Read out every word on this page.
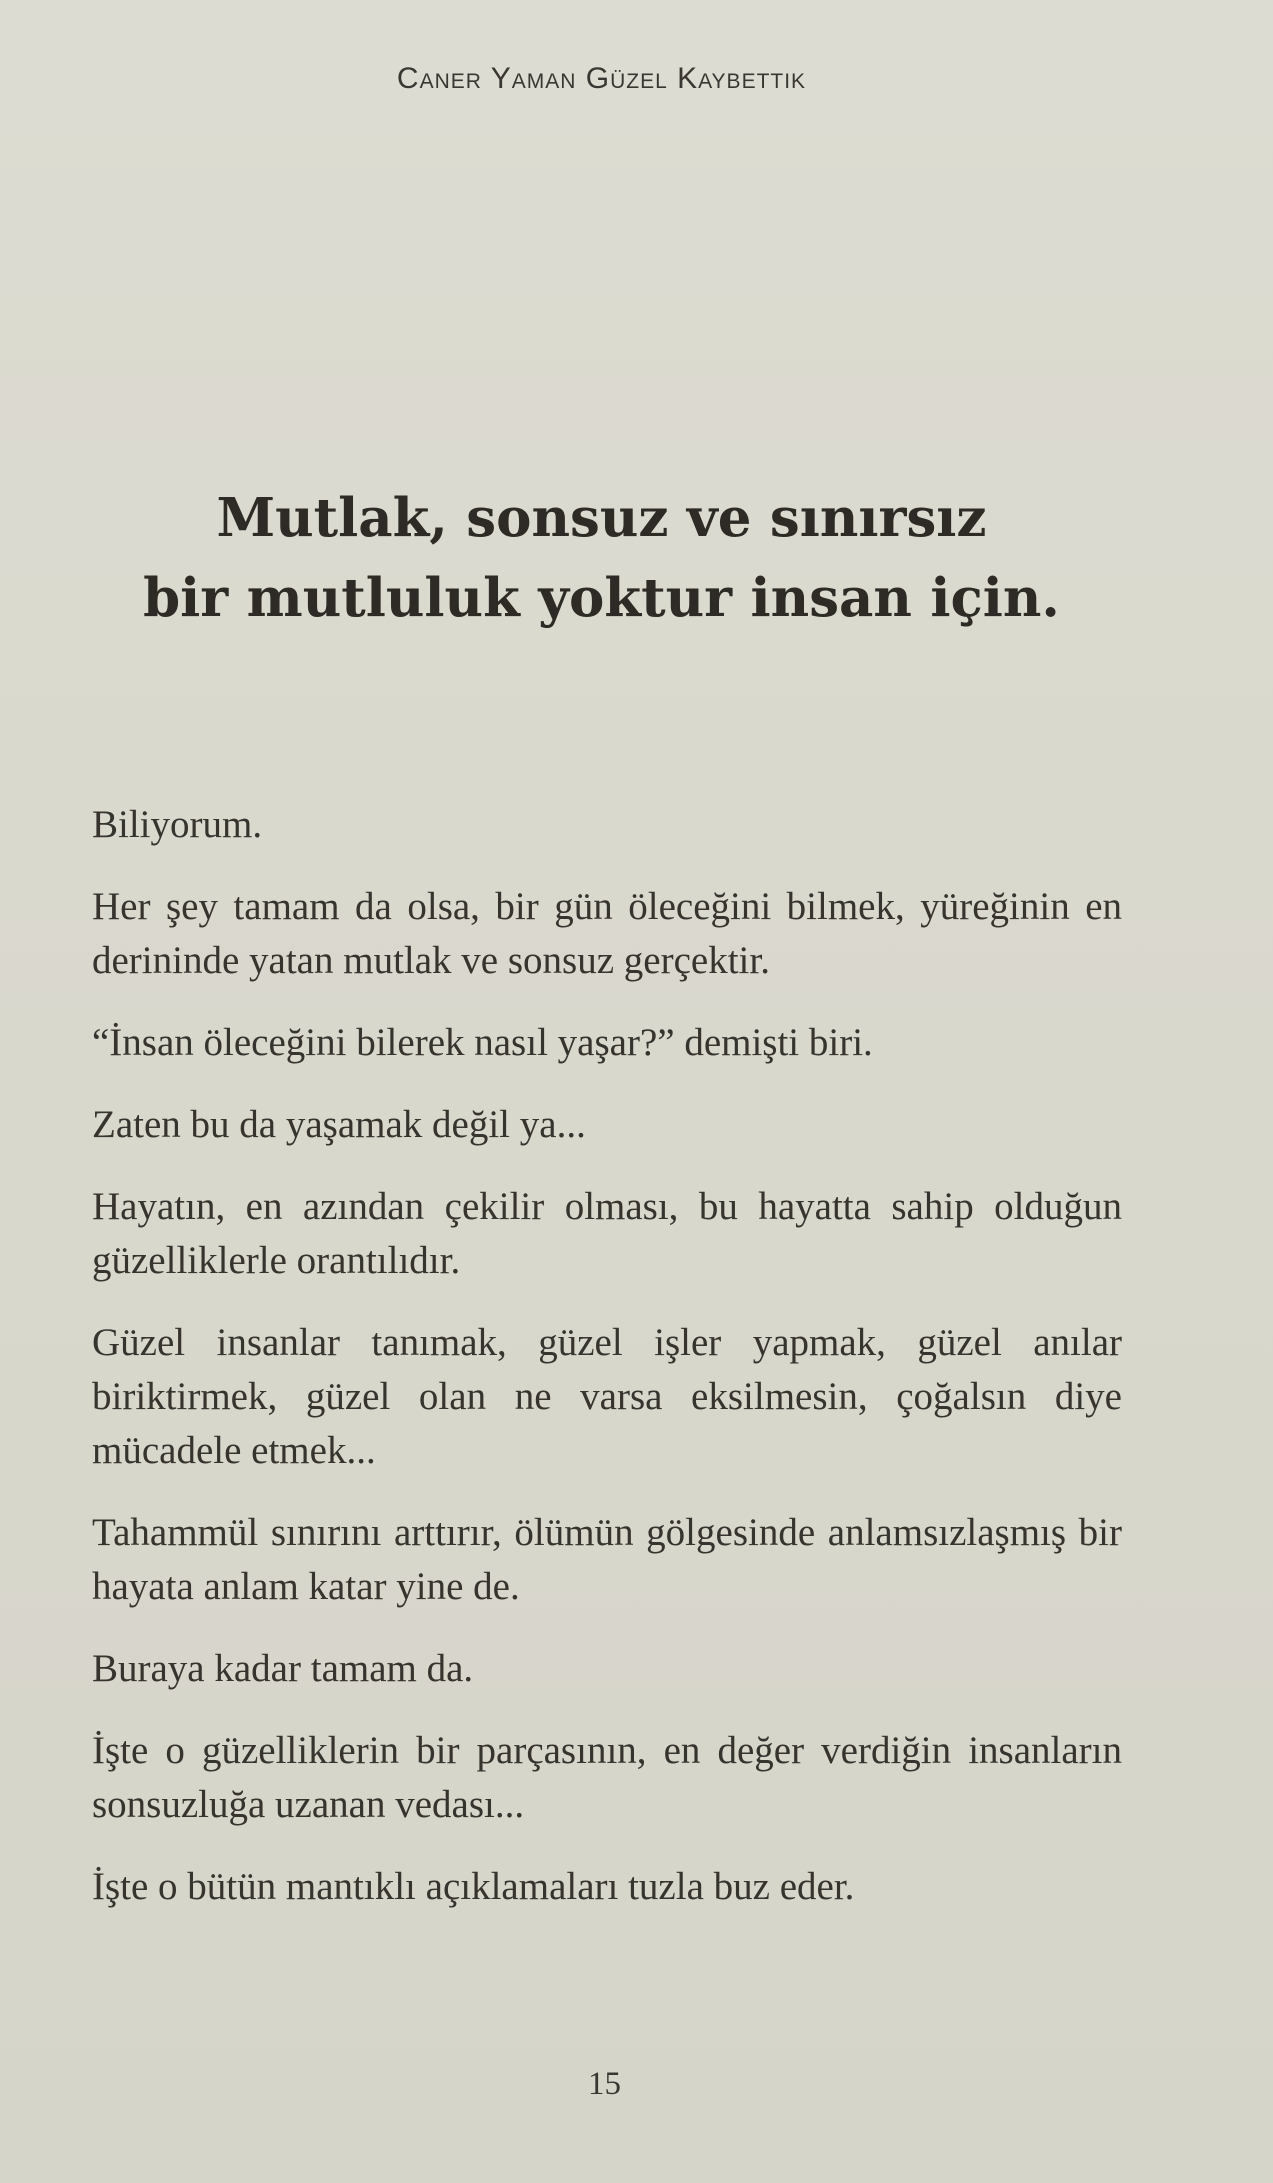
Caner Yaman Güzel Kaybettik
Mutlak, sonsuz ve sınırsız
bir mutluluk yoktur insan için.

Biliyorum.

Her şey tamam da olsa, bir gün öleceğini bilmek, yüreğinin en derininde yatan mutlak ve sonsuz gerçektir.

“İnsan öleceğini bilerek nasıl yaşar?” demişti biri.

Zaten bu da yaşamak değil ya...

Hayatın, en azından çekilir olması, bu hayatta sahip olduğun güzelliklerle orantılıdır.

Güzel insanlar tanımak, güzel işler yapmak, güzel anılar biriktirmek, güzel olan ne varsa eksilmesin, çoğalsın diye mücadele etmek...

Tahammül sınırını arttırır, ölümün gölgesinde anlamsızlaşmış bir hayata anlam katar yine de.

Buraya kadar tamam da.

İşte o güzelliklerin bir parçasının, en değer verdiğin insanların sonsuzluğa uzanan vedası...

İşte o bütün mantıklı açıklamaları tuzla buz eder.

15
